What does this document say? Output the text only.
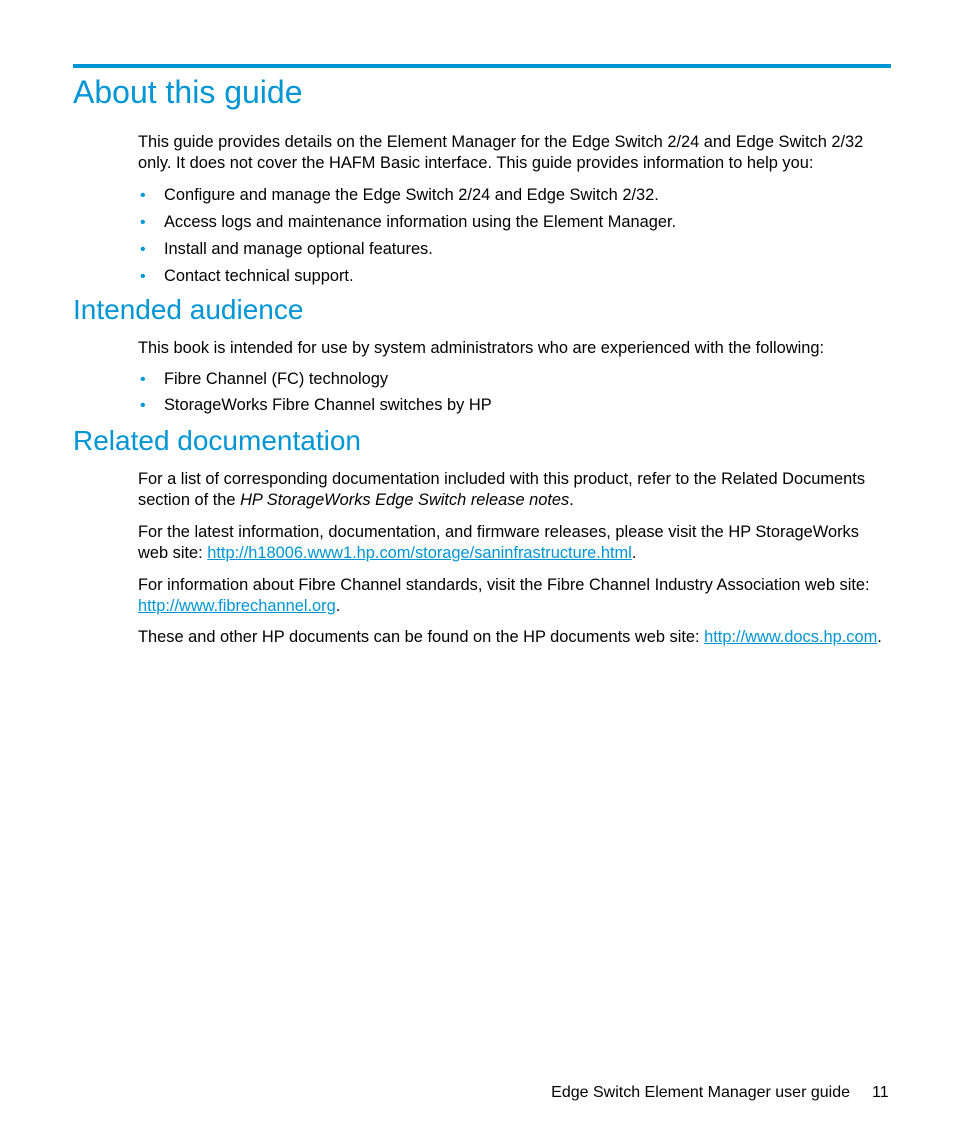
About this guide

This guide provides details on the Element Manager for the Edge Switch 2/24 and Edge Switch 2/32 only. It does not cover the HAFM Basic interface. This guide provides information to help you:

• Configure and manage the Edge Switch 2/24 and Edge Switch 2/32.
• Access logs and maintenance information using the Element Manager.
• Install and manage optional features.
• Contact technical support.
Intended audience

This book is intended for use by system administrators who are experienced with the following:

• Fibre Channel (FC) technology
• StorageWorks Fibre Channel switches by HP
Related documentation

For a list of corresponding documentation included with this product, refer to the Related Documents section of the HP StorageWorks Edge Switch release notes.

For the latest information, documentation, and firmware releases, please visit the HP StorageWorks web site: http://h18006.www1.hp.com/storage/saninfrastructure.html.

For information about Fibre Channel standards, visit the Fibre Channel Industry Association web site: http://www.fibrechannel.org.

These and other HP documents can be found on the HP documents web site: http://www.docs.hp.com.

Edge Switch Element Manager user guide 11
